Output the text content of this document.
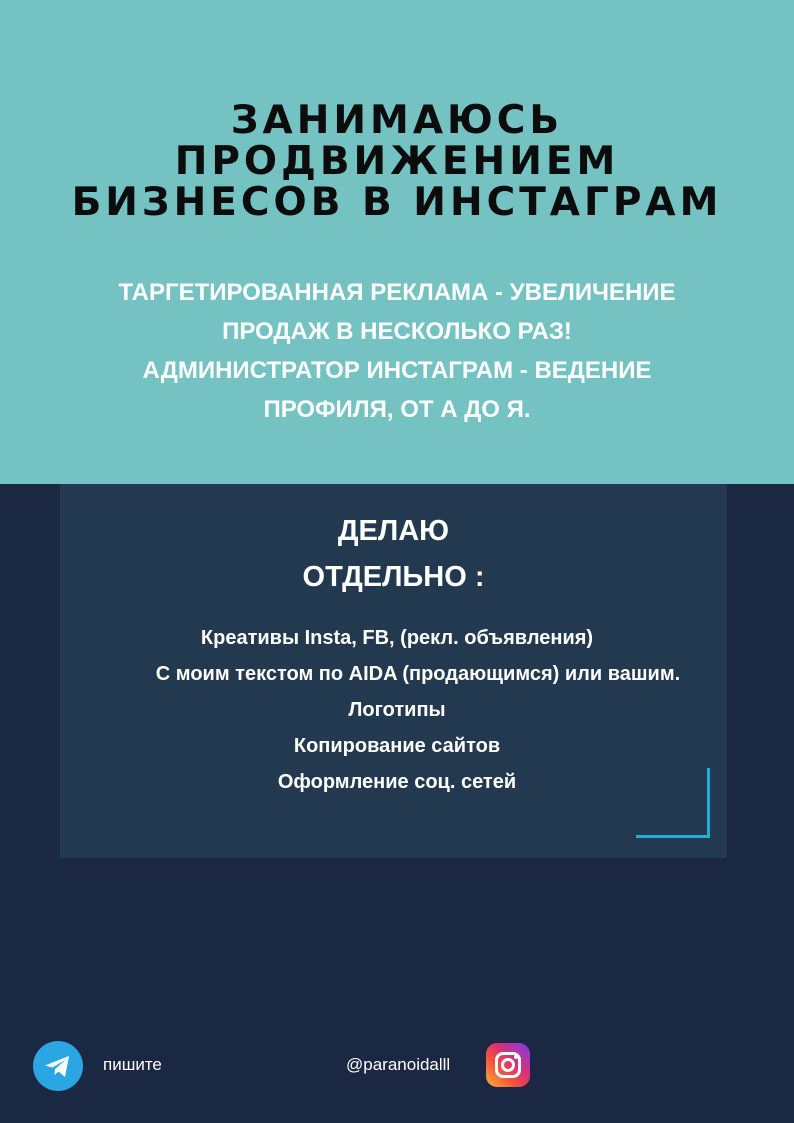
ЗАНИМАЮСЬ
ПРОДВИЖЕНИЕМ
БИЗНЕСОВ В ИНСТАГРАМ
ТАРГЕТИРОВАННАЯ РЕКЛАМА - УВЕЛИЧЕНИЕ
ПРОДАЖ В НЕСКОЛЬКО РАЗ!
АДМИНИСТРАТОР ИНСТАГРАМ - ВЕДЕНИЕ
ПРОФИЛЯ, ОТ А ДО Я.
ДЕЛАЮ
ОТДЕЛЬНО :
Креативы Insta, FB, (рекл. объявления)
С моим текстом по AIDA (продающимся) или вашим.
Логотипы
Копирование сайтов
Оформление соц. сетей
пишите	@paranoidalll
